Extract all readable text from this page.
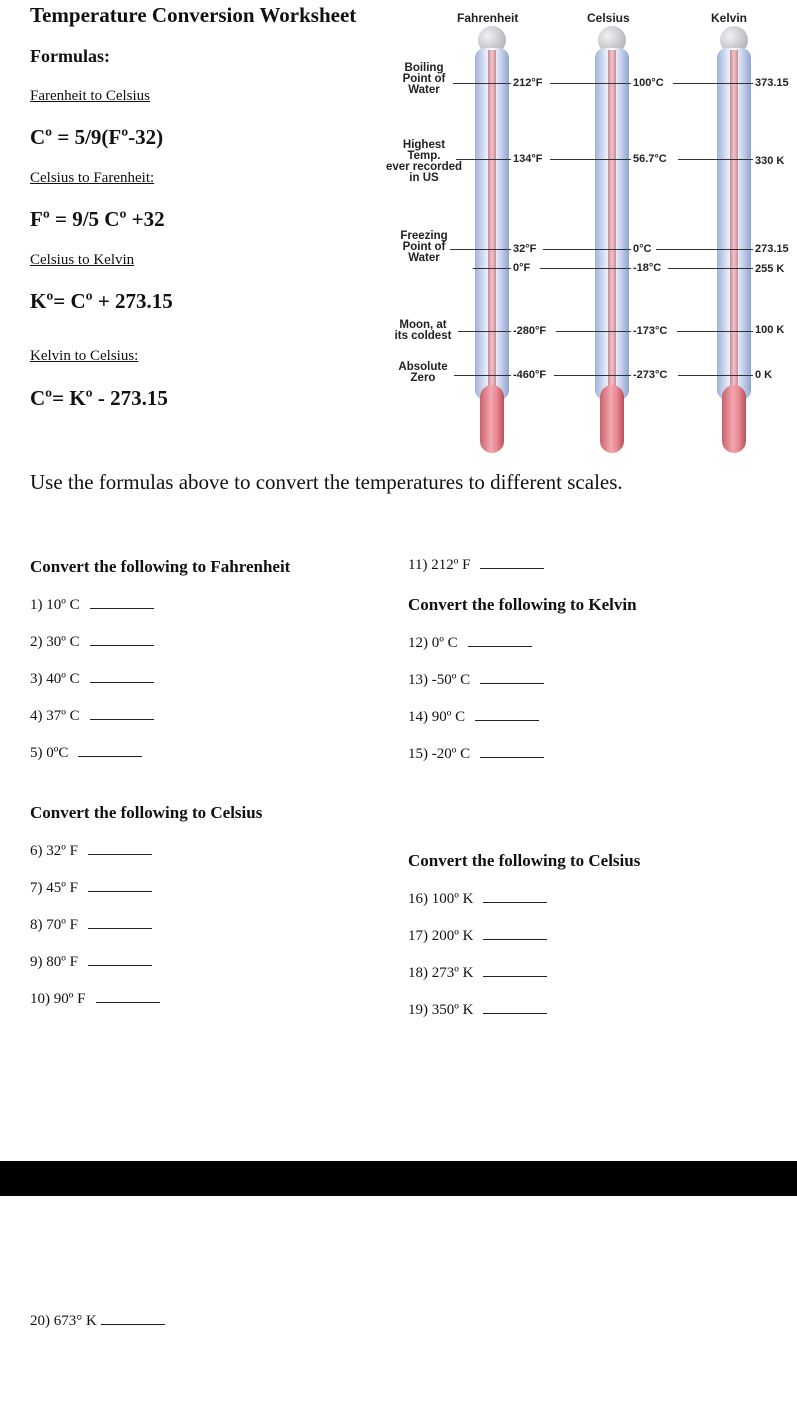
Temperature Conversion Worksheet
Formulas:
Farenheit to Celsius
Cº = 5/9(Fº-32)
Celsius to Farenheit:
Fº = 9/5 Cº +32
Celsius to Kelvin
Kº= Cº + 273.15
Kelvin to Celsius:
Cº= Kº - 273.15
Fahrenheit	Celsius	Kelvin
Boiling
Point of
Water
Highest
Temp.
ever recorded
in US
Freezing
Point of
Water
Moon, at
its coldest
Absolute
Zero
212°F
134°F
32°F
0°F
-280°F
-460°F
100°C
56.7°C
0°C
-18°C
-173°C
-273°C
373.15
330 K
273.15
255 K
100 K
0 K
Use the formulas above to convert the temperatures to different scales.
Convert the following to Fahrenheit
1) 10º C
2) 30º C
3) 40º C
4) 37º C
5) 0ºC
11) 212º F
Convert the following to Celsius
6) 32º F
7) 45º F
8) 70º F
9) 80º F
10) 90º F
Convert the following to Kelvin
12) 0º C
13) -50º C
14) 90º C
15) -20º C
Convert the following to Celsius
16) 100º K
17) 200º K
18) 273º K
19) 350º K
20) 673° K
